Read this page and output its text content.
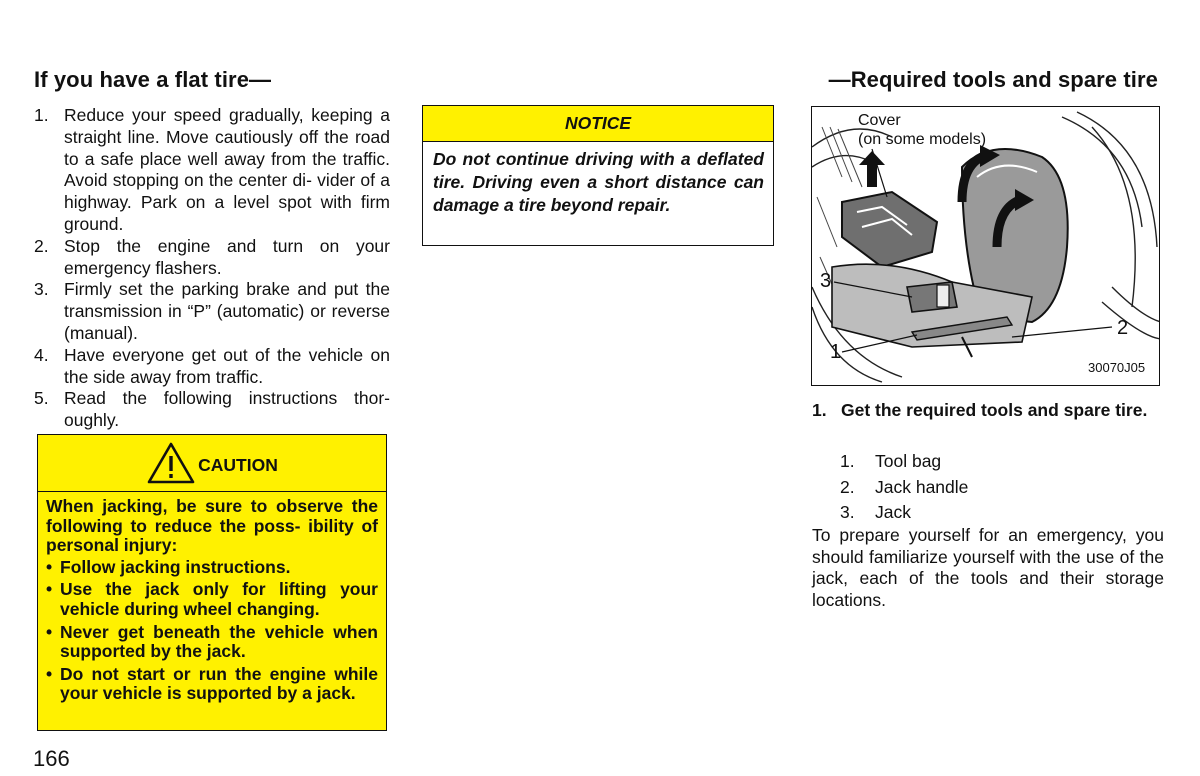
If you have a flat tire—
1. Reduce your speed gradually, keeping a straight line. Move cautiously off the road to a safe place well away from the traffic. Avoid stopping on the center di- vider of a highway. Park on a level spot with firm ground.
2. Stop the engine and turn on your emergency flashers.
3. Firmly set the parking brake and put the transmission in “P” (automatic) or reverse (manual).
4. Have everyone get out of the vehicle on the side away from traffic.
5. Read the following instructions thor- oughly.
CAUTION
When jacking, be sure to observe the following to reduce the poss- ibility of personal injury:
• Follow jacking instructions.
• Use the jack only for lifting your vehicle during wheel changing.
• Never get beneath the vehicle when supported by the jack.
• Do not start or run the engine while your vehicle is supported by a jack.
NOTICE
Do not continue driving with a deflated tire. Driving even a short distance can damage a tire beyond repair.
—Required tools and spare tire
Cover
(on some models)
3
2
1
30070J05
1. Get the required tools and spare tire.
1. Tool bag
2. Jack handle
3. Jack
To prepare yourself for an emergency, you should familiarize yourself with the use of the jack, each of the tools and their storage locations.
166
